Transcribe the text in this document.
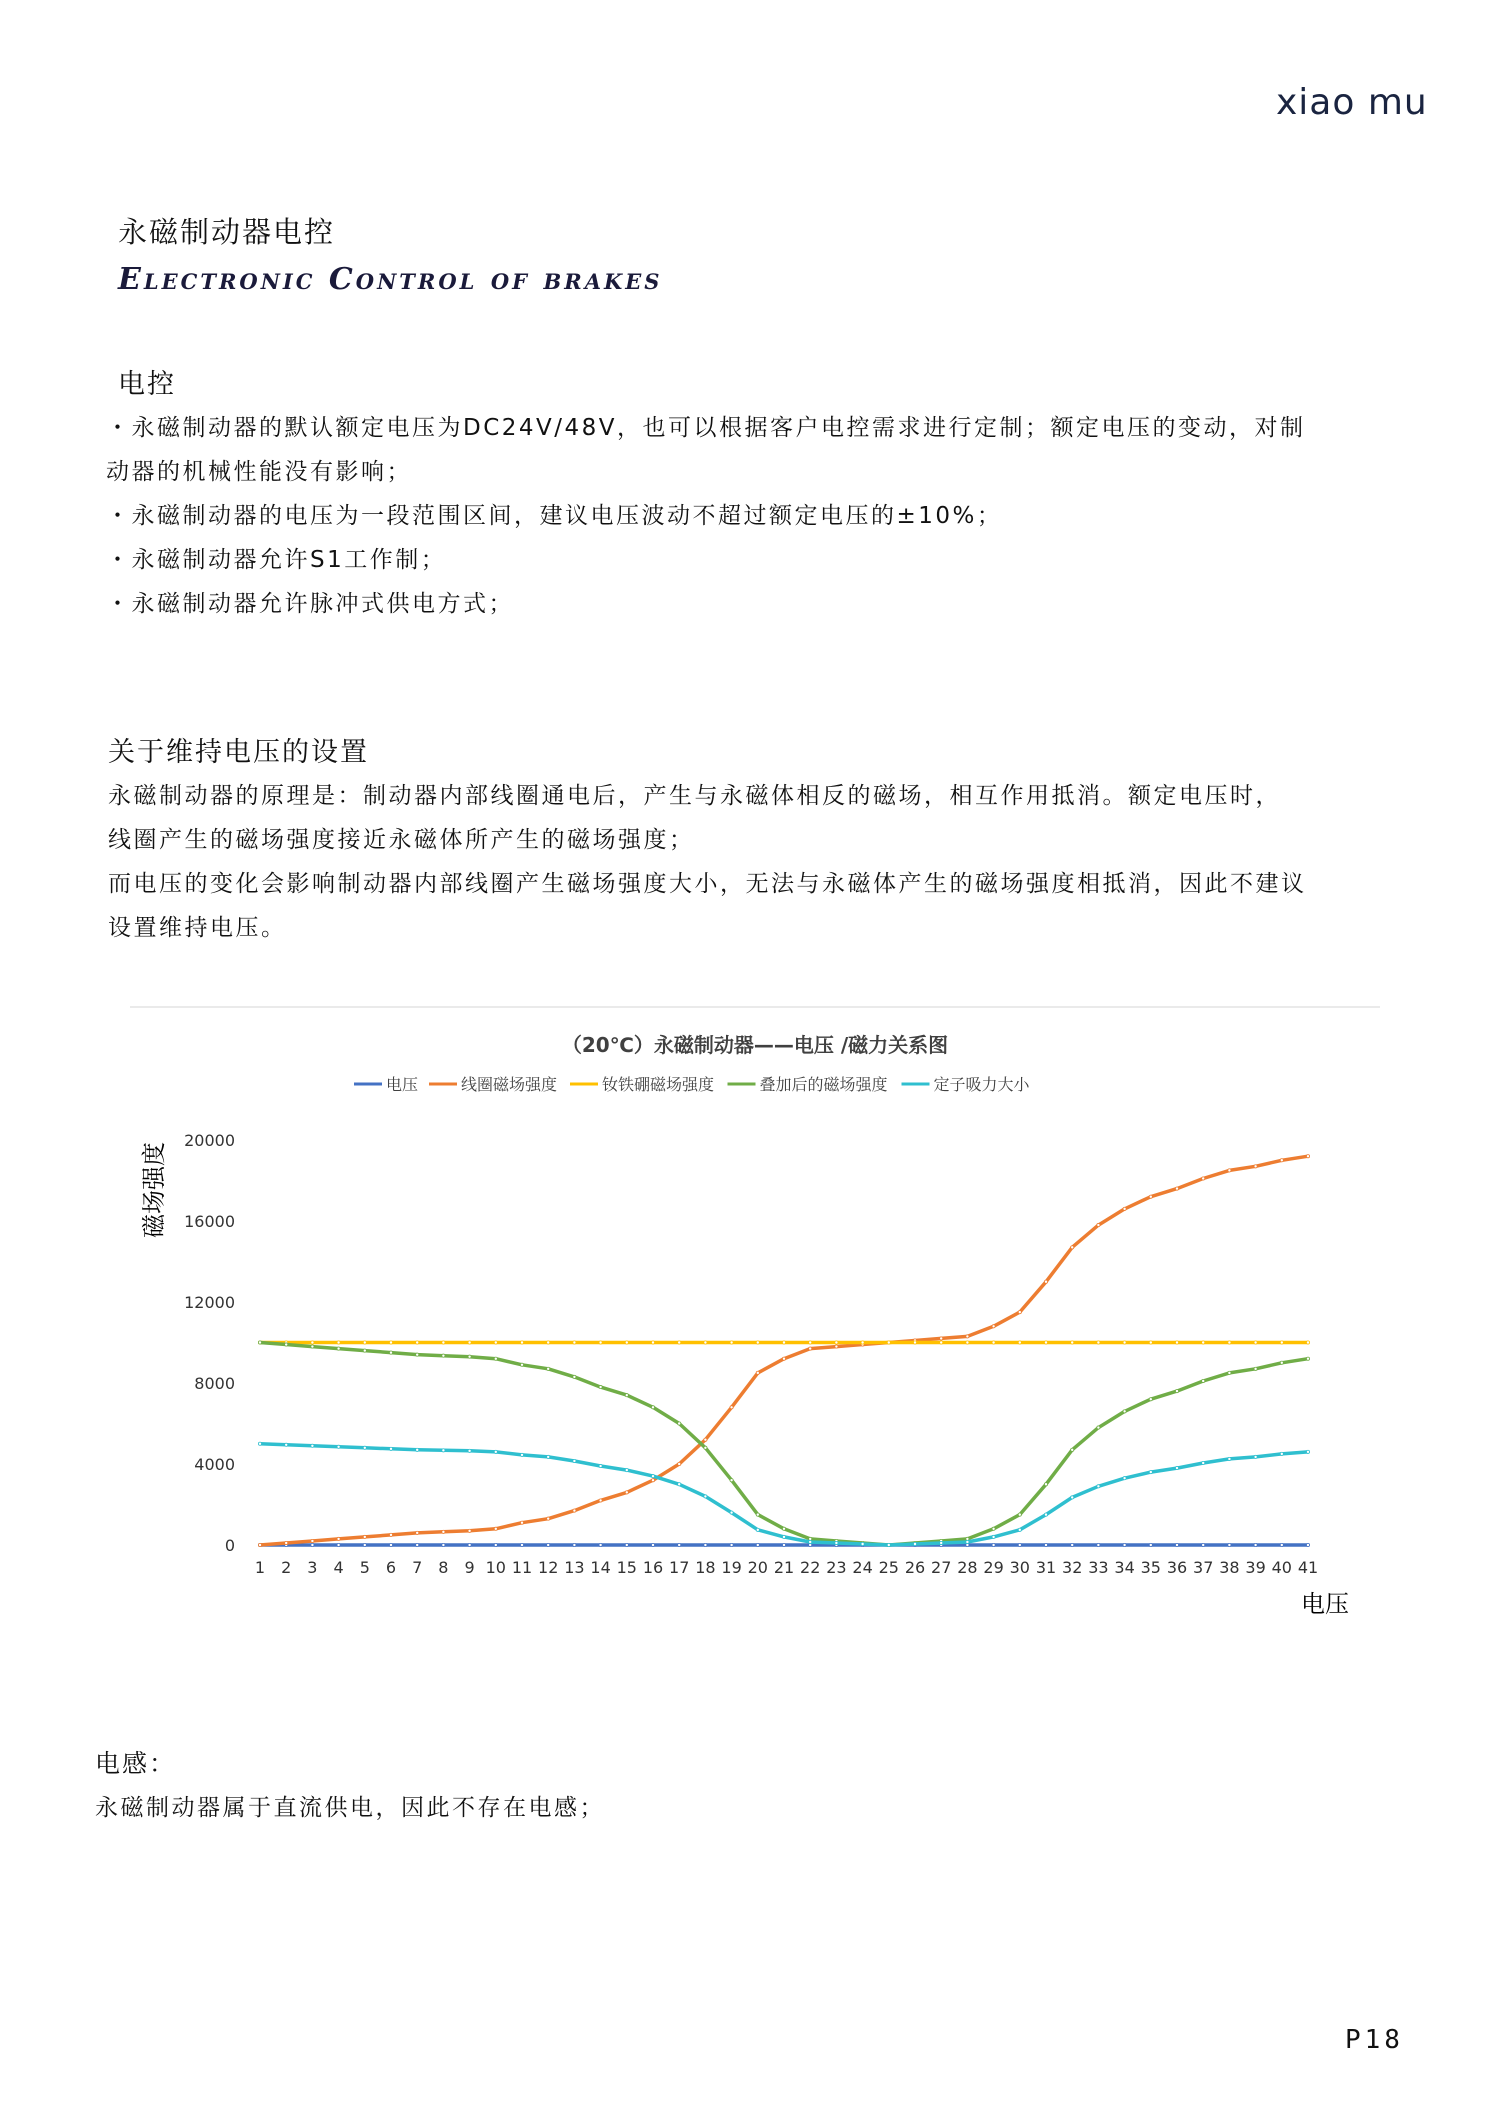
xiao mu
永磁制动器电控
Electronic Control of brakes
电控

・永磁制动器的默认额定电压为DC24V/48V，也可以根据客户电控需求进行定制；额定电压的变动，对制

动器的机械性能没有影响；

・永磁制动器的电压为一段范围区间，建议电压波动不超过额定电压的±10%；

・永磁制动器允许S1工作制；

・永磁制动器允许脉冲式供电方式；

关于维持电压的设置

永磁制动器的原理是：制动器内部线圈通电后，产生与永磁体相反的磁场，相互作用抵消。额定电压时，

线圈产生的磁场强度接近永磁体所产生的磁场强度；

而电压的变化会影响制动器内部线圈产生磁场强度大小，无法与永磁体产生的磁场强度相抵消，因此不建议

设置维持电压。

（20℃）永磁制动器——电压 /磁力关系图
电压	线圈磁场强度	钕铁硼磁场强度	叠加后的磁场强度	定子吸力大小
磁场强度
0
4000
8000
12000
16000
20000
1 2 3 4 5 6 7 8 9 10 11 12 13 14 15 16 17 18 19 20 21 22 23 24 25 26 27 28 29 30 31 32 33 34 35 36 37 38 39 40 41
电压
电感：

永磁制动器属于直流供电，因此不存在电感；

P18
